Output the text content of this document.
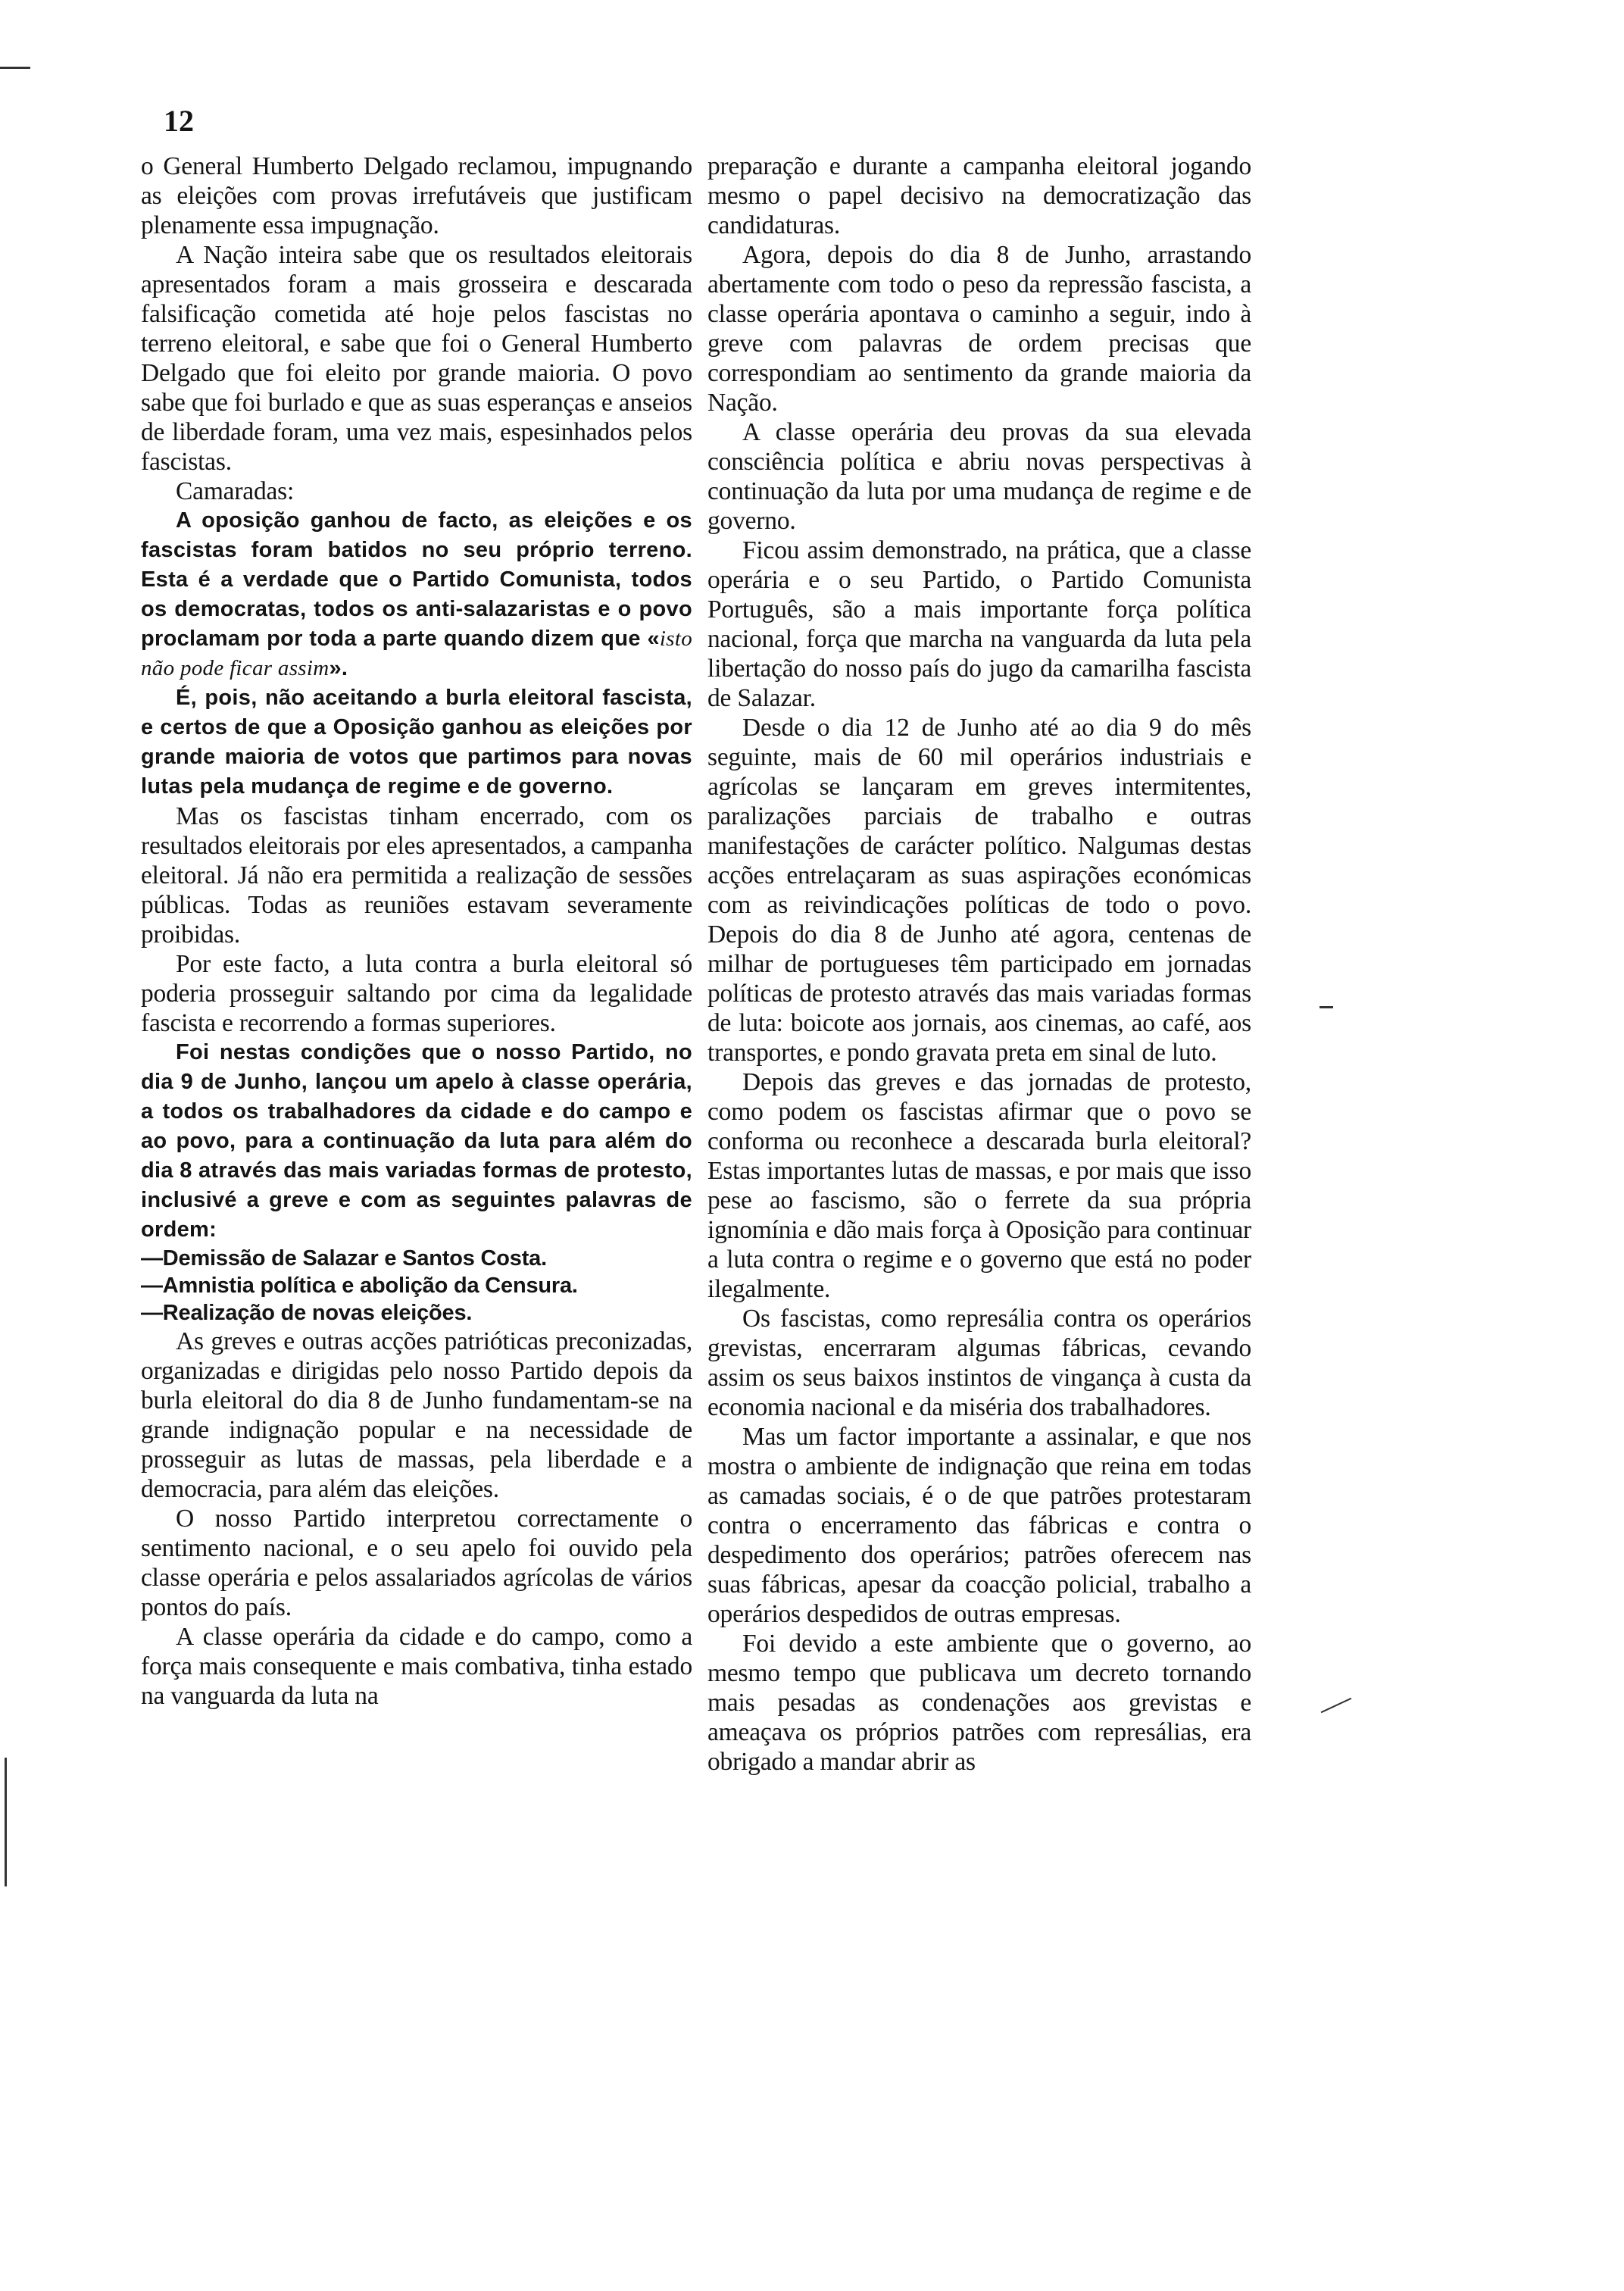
12

o General Humberto Delgado reclamou, impugnando as eleições com provas irrefutáveis que justificam plenamente essa impugnação.

A Nação inteira sabe que os resultados eleitorais apresentados foram a mais grosseira e descarada falsificação cometida até hoje pelos fascistas no terreno eleitoral, e sabe que foi o General Humberto Delgado que foi eleito por grande maioria. O povo sabe que foi burlado e que as suas esperanças e anseios de liberdade foram, uma vez mais, espesinhados pelos fascistas.

Camaradas:

A oposição ganhou de facto, as eleições e os fascistas foram batidos no seu próprio terreno. Esta é a verdade que o Partido Comunista, todos os democratas, todos os anti-salazaristas e o povo proclamam por toda a parte quando dizem que «isto não pode ficar assim».

É, pois, não aceitando a burla eleitoral fascista, e certos de que a Oposição ganhou as eleições por grande maioria de votos que partimos para novas lutas pela mudança de regime e de governo.

Mas os fascistas tinham encerrado, com os resultados eleitorais por eles apresentados, a campanha eleitoral. Já não era permitida a realização de sessões públicas. Todas as reuniões estavam severamente proibidas.

Por este facto, a luta contra a burla eleitoral só poderia prosseguir saltando por cima da legalidade fascista e recorrendo a formas superiores.

Foi nestas condições que o nosso Partido, no dia 9 de Junho, lançou um apelo à classe operária, a todos os trabalhadores da cidade e do campo e ao povo, para a continuação da luta para além do dia 8 através das mais variadas formas de protesto, inclusivé a greve e com as seguintes palavras de ordem:

—Demissão de Salazar e Santos Costa.

—Amnistia política e abolição da Censura.

—Realização de novas eleições.

As greves e outras acções patrióticas preconizadas, organizadas e dirigidas pelo nosso Partido depois da burla eleitoral do dia 8 de Junho fundamentam-se na grande indignação popular e na necessidade de prosseguir as lutas de massas, pela liberdade e a democracia, para além das eleições.

O nosso Partido interpretou correctamente o sentimento nacional, e o seu apelo foi ouvido pela classe operária e pelos assalariados agrícolas de vários pontos do país.

A classe operária da cidade e do campo, como a força mais consequente e mais combativa, tinha estado na vanguarda da luta na

preparação e durante a campanha eleitoral jogando mesmo o papel decisivo na democratização das candidaturas.

Agora, depois do dia 8 de Junho, arrastando abertamente com todo o peso da repressão fascista, a classe operária apontava o caminho a seguir, indo à greve com palavras de ordem precisas que correspondiam ao sentimento da grande maioria da Nação.

A classe operária deu provas da sua elevada consciência política e abriu novas perspectivas à continuação da luta por uma mudança de regime e de governo.

Ficou assim demonstrado, na prática, que a classe operária e o seu Partido, o Partido Comunista Português, são a mais importante força política nacional, força que marcha na vanguarda da luta pela libertação do nosso país do jugo da camarilha fascista de Salazar.

Desde o dia 12 de Junho até ao dia 9 do mês seguinte, mais de 60 mil operários industriais e agrícolas se lançaram em greves intermitentes, paralizações parciais de trabalho e outras manifestações de carácter político. Nalgumas destas acções entrelaçaram as suas aspirações económicas com as reivindicações políticas de todo o povo. Depois do dia 8 de Junho até agora, centenas de milhar de portugueses têm participado em jornadas políticas de protesto através das mais variadas formas de luta: boicote aos jornais, aos cinemas, ao café, aos transportes, e pondo gravata preta em sinal de luto.

Depois das greves e das jornadas de protesto, como podem os fascistas afirmar que o povo se conforma ou reconhece a descarada burla eleitoral? Estas importantes lutas de massas, e por mais que isso pese ao fascismo, são o ferrete da sua própria ignomínia e dão mais força à Oposição para continuar a luta contra o regime e o governo que está no poder ilegalmente.

Os fascistas, como represália contra os operários grevistas, encerraram algumas fábricas, cevando assim os seus baixos instintos de vingança à custa da economia nacional e da miséria dos trabalhadores.

Mas um factor importante a assinalar, e que nos mostra o ambiente de indignação que reina em todas as camadas sociais, é o de que patrões protestaram contra o encerramento das fábricas e contra o despedimento dos operários; patrões oferecem nas suas fábricas, apesar da coacção policial, trabalho a operários despedidos de outras empresas.

Foi devido a este ambiente que o governo, ao mesmo tempo que publicava um decreto tornando mais pesadas as condenações aos grevistas e ameaçava os próprios patrões com represálias, era obrigado a mandar abrir as
